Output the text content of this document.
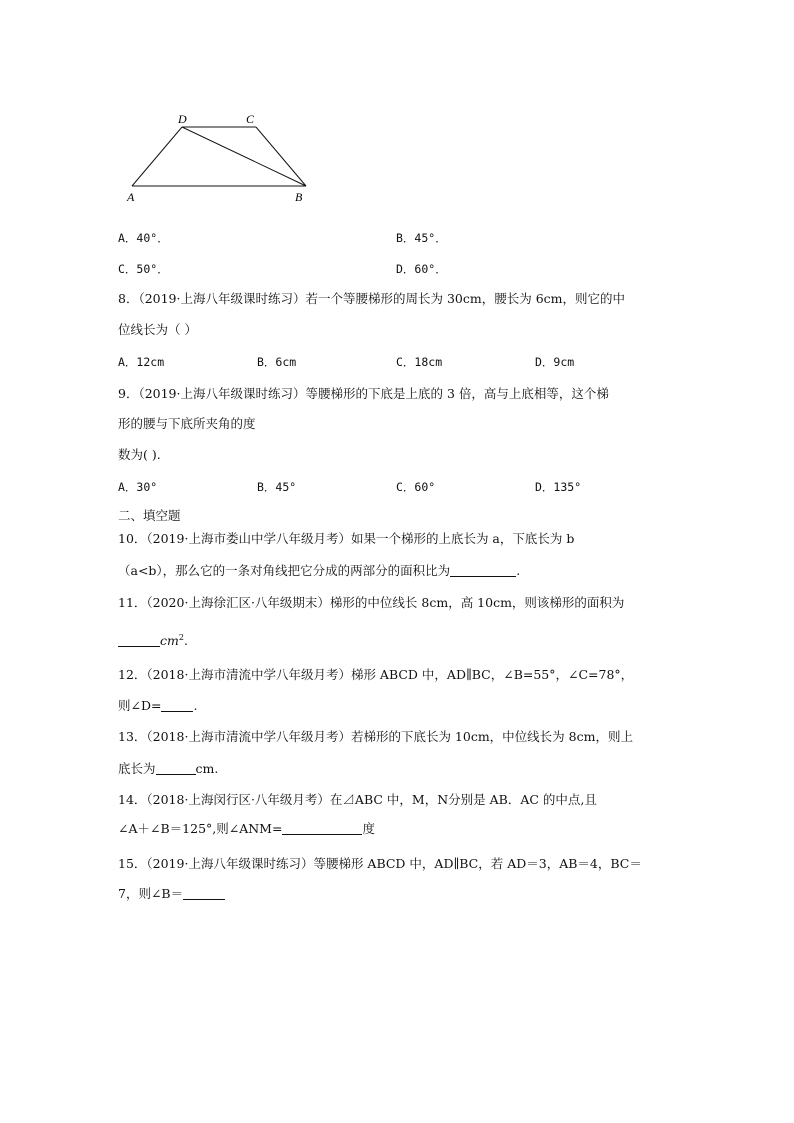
D	C
A	B
A．40°．	B．45°．
C．50°．	D．60°．
8．（2019·上海八年级课时练习）若一个等腰梯形的周长为 30cm，腰长为 6cm，则它的中
位线长为（ ）
A．12cm	B．6cm	C．18cm	D．9cm
9．（2019·上海八年级课时练习）等腰梯形的下底是上底的 3 倍，高与上底相等，这个梯
形的腰与下底所夹角的度
数为( ).
A．30°	B．45°	C．60°	D．135°
二、填空题
10．（2019·上海市娄山中学八年级月考）如果一个梯形的上底长为 a，下底长为 b
（a<b），那么它的一条对角线把它分成的两部分的面积比为	.
11．（2020·上海徐汇区·八年级期末）梯形的中位线长 8cm，高 10cm，则该梯形的面积为
$cm^2$.
12．（2018·上海市清流中学八年级月考）梯形 ABCD 中，AD∥BC，∠B=55°，∠C=78°，
则∠D=	.
13．（2018·上海市清流中学八年级月考）若梯形的下底长为 10cm，中位线长为 8cm，则上
底长为	cm.
14．（2018·上海闵行区·八年级月考）在⊿ABC 中，M，N分别是 AB．AC 的中点,且
∠A＋∠B＝125°,则∠ANM=	度
15．（2019·上海八年级课时练习）等腰梯形 ABCD 中，AD∥BC，若 AD＝3，AB＝4，BC＝
7，则∠B＝
